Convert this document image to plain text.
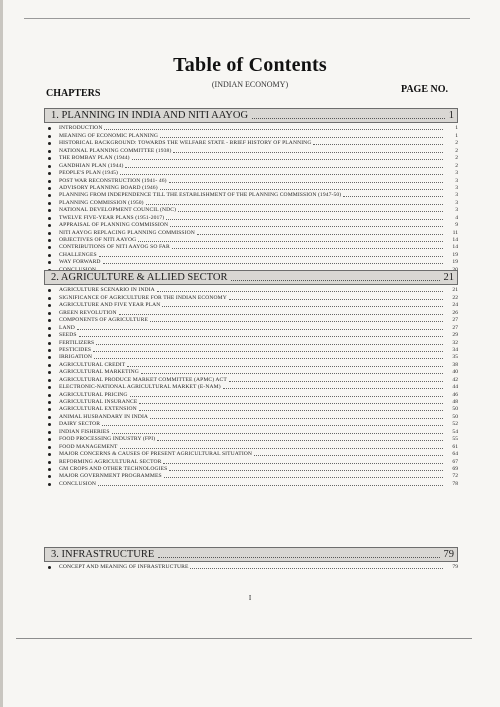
Table of Contents
(INDIAN ECONOMY)
CHAPTERS	PAGE NO.
1. PLANNING IN INDIA AND NITI AAYOG	1
INTRODUCTION	1
MEANING OF ECONOMIC PLANNING	1
HISTORICAL BACKGROUND: TOWARDS THE WELFARE STATE - BRIEF HISTORY OF PLANNING	2
NATIONAL PLANNING COMMITTEE (1938)	2
THE BOMBAY PLAN (1944)	2
GANDHIAN PLAN (1944)	2
PEOPLE'S PLAN (1945)	3
POST WAR RECONSTRUCTION (1941- 46)	3
ADVISORY PLANNING BOARD (1946)	3
PLANNING FROM INDEPENDENCE TILL THE ESTABLISHMENT OF THE PLANNING COMMISSION (1947-50)	3
PLANNING COMMISSION (1950)	3
NATIONAL DEVELOPMENT COUNCIL (NDC)	3
TWELVE FIVE-YEAR PLANS (1951-2017)	4
APPRAISAL OF PLANNING COMMISSION	9
NITI AAYOG REPLACING PLANNING COMMISSION	11
OBJECTIVES OF NITI AAYOG	14
CONTRIBUTIONS OF NITI AAYOG SO FAR	14
CHALLENGES	19
WAY FORWARD	19
2. AGRICULTURE & ALLIED SECTOR	21
AGRICULTURE SCENARIO IN INDIA	21
SIGNIFICANCE OF AGRICULTURE FOR THE INDIAN ECONOMY	22
AGRICULTURE AND FIVE YEAR PLAN	24
GREEN REVOLUTION	26
COMPONENTS OF AGRICULTURE	27
LAND	27
SEEDS	29
FERTILIZERS	32
PESTICIDES	34
IRRIGATION	35
AGRICULTURAL CREDIT	38
AGRICULTURAL MARKETING	40
AGRICULTURAL PRODUCE MARKET COMMITTEE (APMC) ACT	42
ELECTRONIC-NATIONAL AGRICULTURAL MARKET (E-NAM)	44
AGRICULTURAL PRICING	46
AGRICULTURAL INSURANCE	48
AGRICULTURAL EXTENSION	50
ANIMAL HUSBANDARY IN INDIA	50
DAIRY SECTOR	52
INDIAN FISHERIES	54
FOOD PROCESSING INDUSTRY (FPI)	55
FOOD MANAGEMENT	61
MAJOR CONCERNS & CAUSES OF PRESENT AGRICULTURAL SITUATION	64
REFORMING AGRICULTURAL SECTOR	67
GM CROPS AND OTHER TECHNOLOGIES	69
MAJOR GOVERNMENT PROGRAMMES	72
CONCLUSION	78
3. INFRASTRUCTURE	79
CONCEPT AND MEANING OF INFRASTRUCTURE	79
I
